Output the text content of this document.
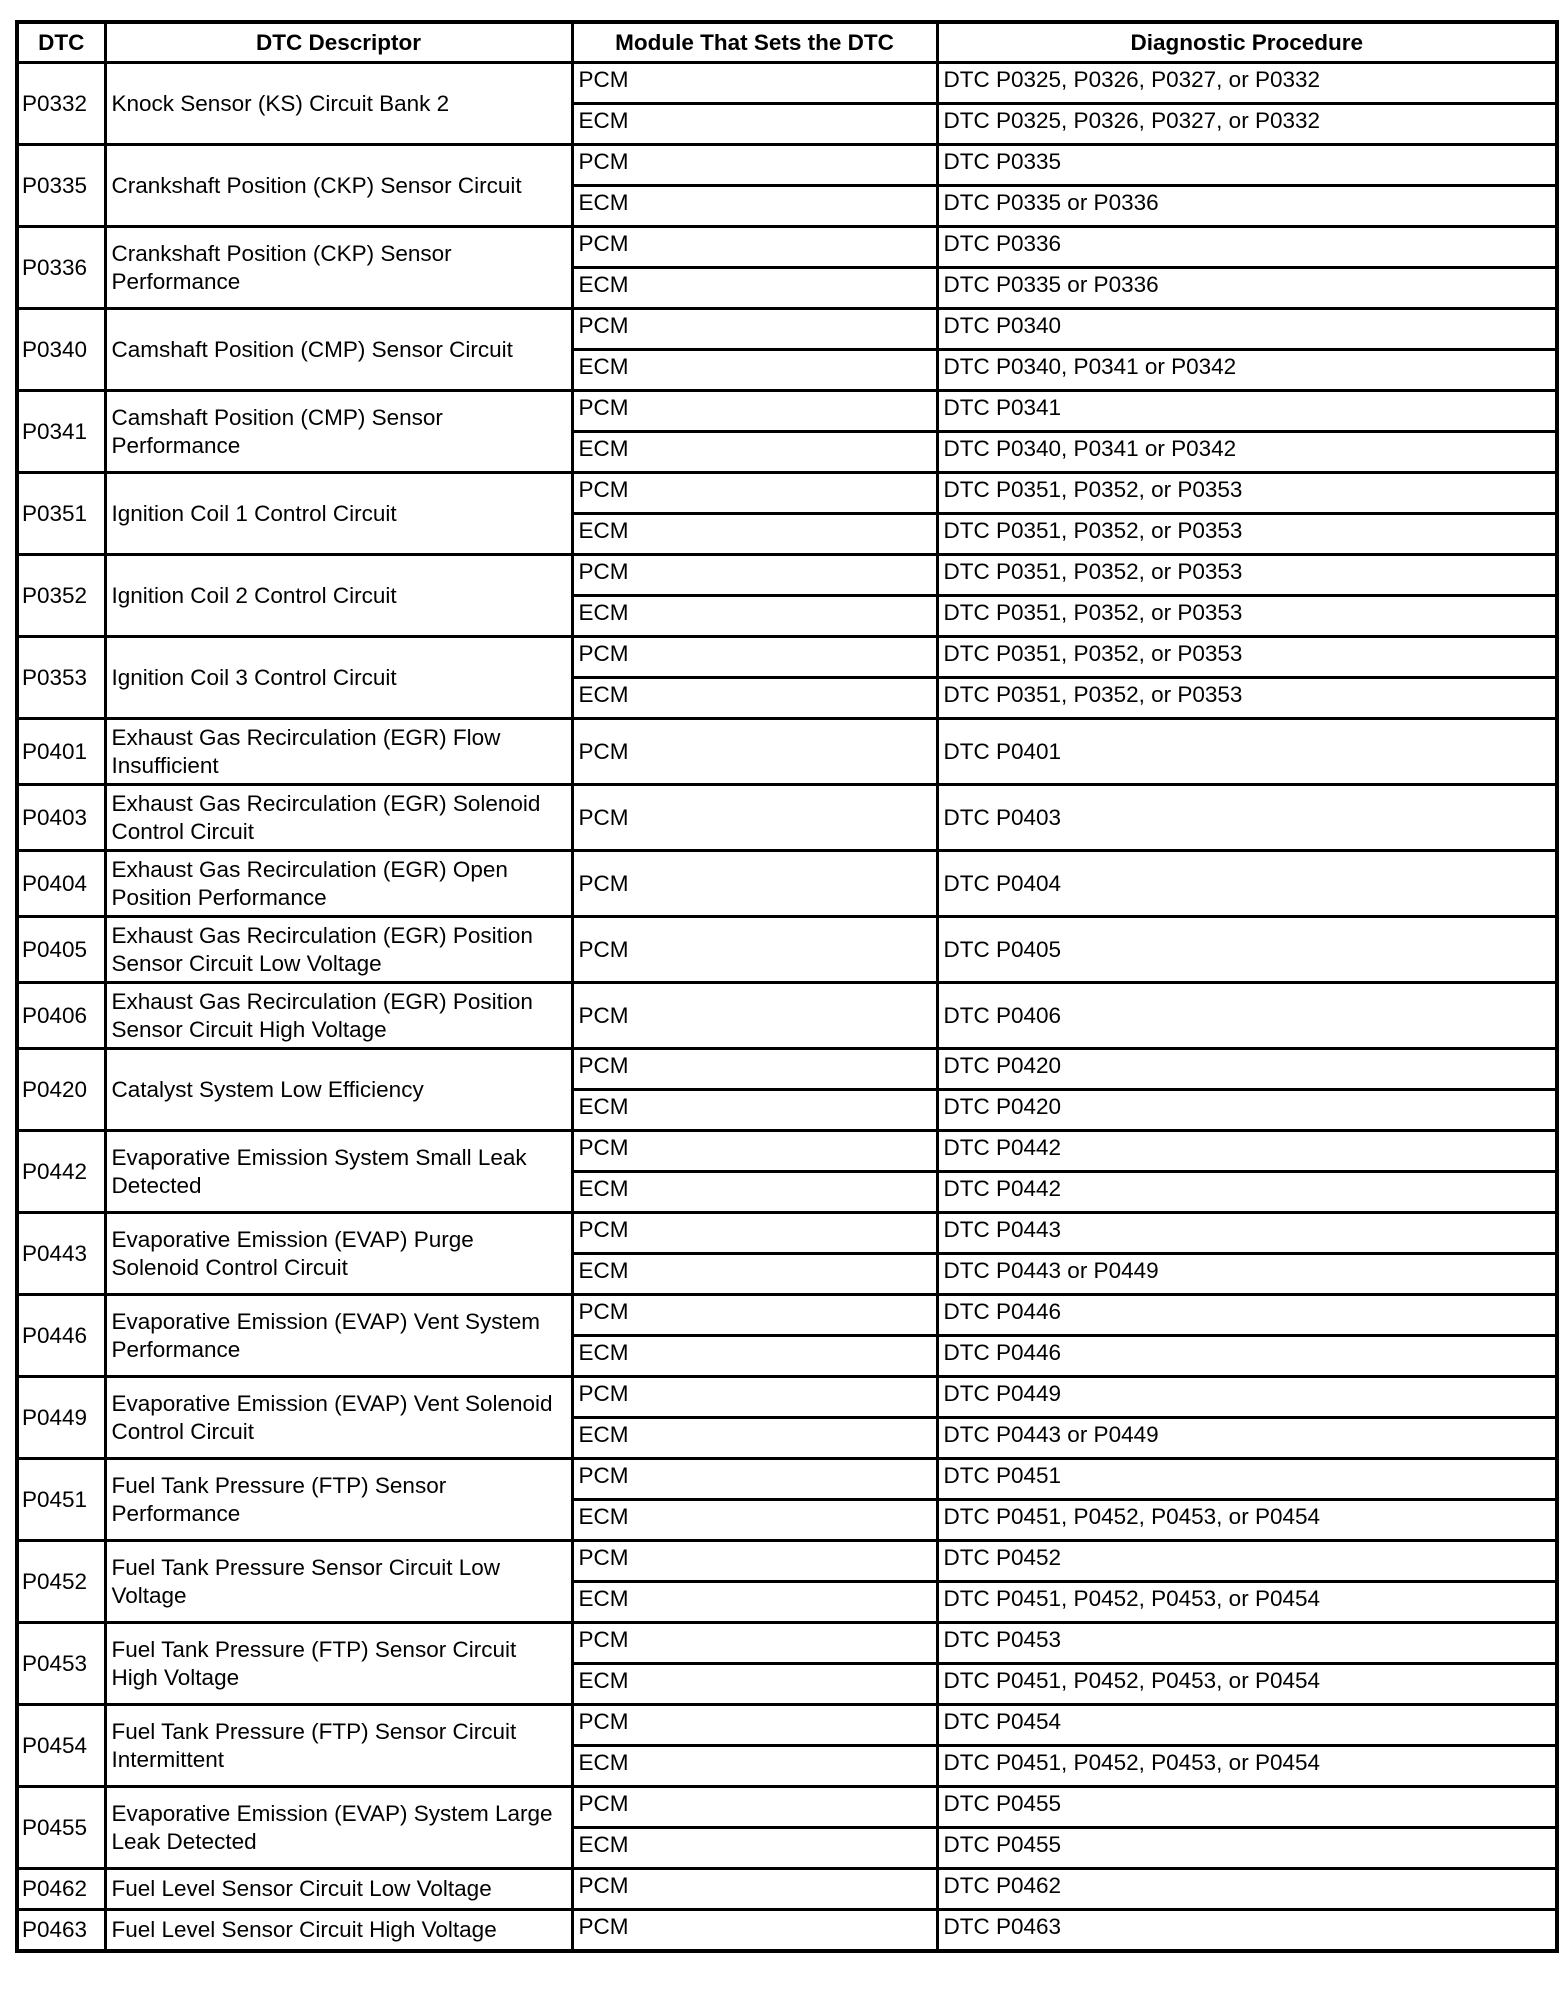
DTC	DTC Descriptor	Module That Sets the DTC	Diagnostic Procedure
P0332	Knock Sensor (KS) Circuit Bank 2	PCM	DTC P0325, P0326, P0327, or P0332
		ECM	DTC P0325, P0326, P0327, or P0332
P0335	Crankshaft Position (CKP) Sensor Circuit	PCM	DTC P0335
		ECM	DTC P0335 or P0336
P0336	Crankshaft Position (CKP) Sensor Performance	PCM	DTC P0336
		ECM	DTC P0335 or P0336
P0340	Camshaft Position (CMP) Sensor Circuit	PCM	DTC P0340
		ECM	DTC P0340, P0341 or P0342
P0341	Camshaft Position (CMP) Sensor Performance	PCM	DTC P0341
		ECM	DTC P0340, P0341 or P0342
P0351	Ignition Coil 1 Control Circuit	PCM	DTC P0351, P0352, or P0353
		ECM	DTC P0351, P0352, or P0353
P0352	Ignition Coil 2 Control Circuit	PCM	DTC P0351, P0352, or P0353
		ECM	DTC P0351, P0352, or P0353
P0353	Ignition Coil 3 Control Circuit	PCM	DTC P0351, P0352, or P0353
		ECM	DTC P0351, P0352, or P0353
P0401	Exhaust Gas Recirculation (EGR) Flow Insufficient	PCM	DTC P0401
P0403	Exhaust Gas Recirculation (EGR) Solenoid Control Circuit	PCM	DTC P0403
P0404	Exhaust Gas Recirculation (EGR) Open Position Performance	PCM	DTC P0404
P0405	Exhaust Gas Recirculation (EGR) Position Sensor Circuit Low Voltage	PCM	DTC P0405
P0406	Exhaust Gas Recirculation (EGR) Position Sensor Circuit High Voltage	PCM	DTC P0406
P0420	Catalyst System Low Efficiency	PCM	DTC P0420
		ECM	DTC P0420
P0442	Evaporative Emission System Small Leak Detected	PCM	DTC P0442
		ECM	DTC P0442
P0443	Evaporative Emission (EVAP) Purge Solenoid Control Circuit	PCM	DTC P0443
		ECM	DTC P0443 or P0449
P0446	Evaporative Emission (EVAP) Vent System Performance	PCM	DTC P0446
		ECM	DTC P0446
P0449	Evaporative Emission (EVAP) Vent Solenoid Control Circuit	PCM	DTC P0449
		ECM	DTC P0443 or P0449
P0451	Fuel Tank Pressure (FTP) Sensor Performance	PCM	DTC P0451
		ECM	DTC P0451, P0452, P0453, or P0454
P0452	Fuel Tank Pressure Sensor Circuit Low Voltage	PCM	DTC P0452
		ECM	DTC P0451, P0452, P0453, or P0454
P0453	Fuel Tank Pressure (FTP) Sensor Circuit High Voltage	PCM	DTC P0453
		ECM	DTC P0451, P0452, P0453, or P0454
P0454	Fuel Tank Pressure (FTP) Sensor Circuit Intermittent	PCM	DTC P0454
		ECM	DTC P0451, P0452, P0453, or P0454
P0455	Evaporative Emission (EVAP) System Large Leak Detected	PCM	DTC P0455
		ECM	DTC P0455
P0462	Fuel Level Sensor Circuit Low Voltage	PCM	DTC P0462
P0463	Fuel Level Sensor Circuit High Voltage	PCM	DTC P0463
